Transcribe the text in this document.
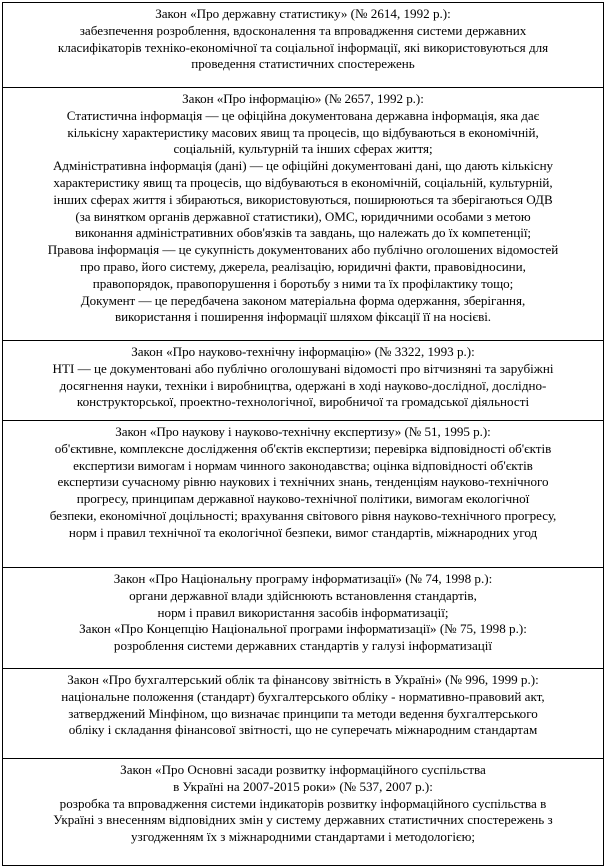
Закон «Про державну статистику» (№ 2614, 1992 р.):
забезпечення розроблення, вдосконалення та впровадження системи державних
класифікаторів техніко-економічної та соціальної інформації, які використовуються для
проведення статистичних спостережень
Закон «Про інформацію» (№ 2657, 1992 р.):
Статистична інформація — це офіційна документована державна інформація, яка дає
кількісну характеристику масових явищ та процесів, що відбуваються в економічній,
соціальній, культурній та інших сферах життя;
Адміністративна інформація (дані) — це офіційні документовані дані, що дають кількісну
характеристику явищ та процесів, що відбуваються в економічній, соціальній, культурній,
інших сферах життя і збираються, використовуються, поширюються та зберігаються ОДВ
(за винятком органів державної статистики), ОМС, юридичними особами з метою
виконання адміністративних обов'язків та завдань, що належать до їх компетенції;
Правова інформація — це сукупність документованих або публічно оголошених відомостей
про право, його систему, джерела, реалізацію, юридичні факти, правовідносини,
правопорядок, правопорушення і боротьбу з ними та їх профілактику тощо;
Документ — це передбачена законом матеріальна форма одержання, зберігання,
використання і поширення інформації шляхом фіксації її на носієві.
Закон «Про науково-технічну інформацію» (№ 3322, 1993 р.):
НТІ — це документовані або публічно оголошувані відомості про вітчизняні та зарубіжні
досягнення науки, техніки і виробництва, одержані в ході науково-дослідної, дослідно-
конструкторської, проектно-технологічної, виробничої та громадської діяльності
Закон «Про наукову і науково-технічну експертизу» (№ 51, 1995 р.):
об'єктивне, комплексне дослідження об'єктів експертизи; перевірка відповідності об'єктів
експертизи вимогам і нормам чинного законодавства; оцінка відповідності об'єктів
експертизи сучасному рівню наукових і технічних знань, тенденціям науково-технічного
прогресу, принципам державної науково-технічної політики, вимогам екологічної
безпеки, економічної доцільності; врахування світового рівня науково-технічного прогресу,
норм і правил технічної та екологічної безпеки, вимог стандартів, міжнародних угод
Закон «Про Національну програму інформатизації» (№ 74, 1998 р.):
органи державної влади здійснюють встановлення стандартів,
норм і правил використання засобів інформатизації;
Закон «Про Концепцію Національної програми інформатизації» (№ 75, 1998 р.):
розроблення системи державних стандартів у галузі інформатизації
Закон «Про бухгалтерський облік та фінансову звітність в Україні» (№ 996, 1999 р.):
національне положення (стандарт) бухгалтерського обліку - нормативно-правовий акт,
затверджений Мінфіном, що визначає принципи та методи ведення бухгалтерського
обліку і складання фінансової звітності, що не суперечать міжнародним стандартам
Закон «Про Основні засади розвитку інформаційного суспільства
в Україні на 2007-2015 роки» (№ 537, 2007 р.):
розробка та впровадження системи індикаторів розвитку інформаційного суспільства в
Україні з внесенням відповідних змін у систему державних статистичних спостережень з
узгодженням їх з міжнародними стандартами і методологією;
